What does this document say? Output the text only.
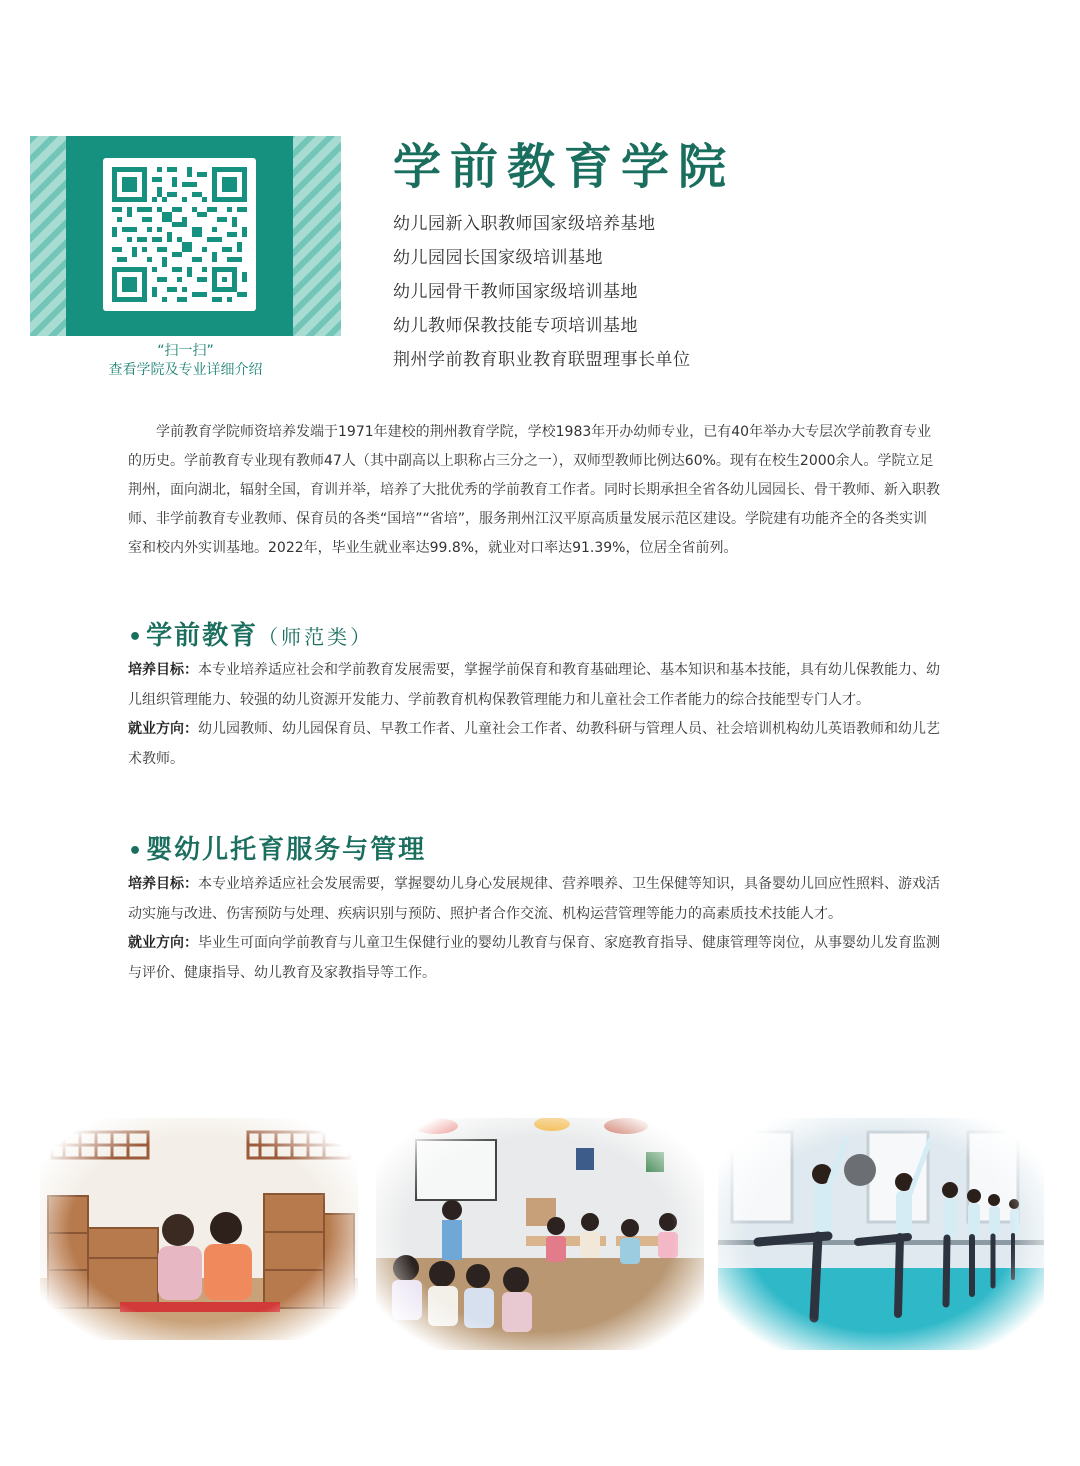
“扫一扫”
查看学院及专业详细介绍
学前教育学院
幼儿园新入职教师国家级培养基地
幼儿园园长国家级培训基地
幼儿园骨干教师国家级培训基地
幼儿教师保教技能专项培训基地
荆州学前教育职业教育联盟理事长单位

学前教育学院师资培养发端于1971年建校的荆州教育学院，学校1983年开办幼师专业，已有40年举办大专层次学前教育专业的历史。学前教育专业现有教师47人（其中副高以上职称占三分之一），双师型教师比例达60%。现有在校生2000余人。学院立足荆州，面向湖北，辐射全国，育训并举，培养了大批优秀的学前教育工作者。同时长期承担全省各幼儿园园长、骨干教师、新入职教师、非学前教育专业教师、保育员的各类“国培”“省培”，服务荆州江汉平原高质量发展示范区建设。学院建有功能齐全的各类实训室和校内外实训基地。2022年，毕业生就业率达99.8%，就业对口率达91.39%，位居全省前列。

•学前教育（师范类）

培养目标：本专业培养适应社会和学前教育发展需要，掌握学前保育和教育基础理论、基本知识和基本技能，具有幼儿保教能力、幼儿组织管理能力、较强的幼儿资源开发能力、学前教育机构保教管理能力和儿童社会工作者能力的综合技能型专门人才。

就业方向：幼儿园教师、幼儿园保育员、早教工作者、儿童社会工作者、幼教科研与管理人员、社会培训机构幼儿英语教师和幼儿艺术教师。

•婴幼儿托育服务与管理

培养目标：本专业培养适应社会发展需要，掌握婴幼儿身心发展规律、营养喂养、卫生保健等知识，具备婴幼儿回应性照料、游戏活动实施与改进、伤害预防与处理、疾病识别与预防、照护者合作交流、机构运营管理等能力的高素质技术技能人才。

就业方向：毕业生可面向学前教育与儿童卫生保健行业的婴幼儿教育与保育、家庭教育指导、健康管理等岗位，从事婴幼儿发育监测与评价、健康指导、幼儿教育及家教指导等工作。
